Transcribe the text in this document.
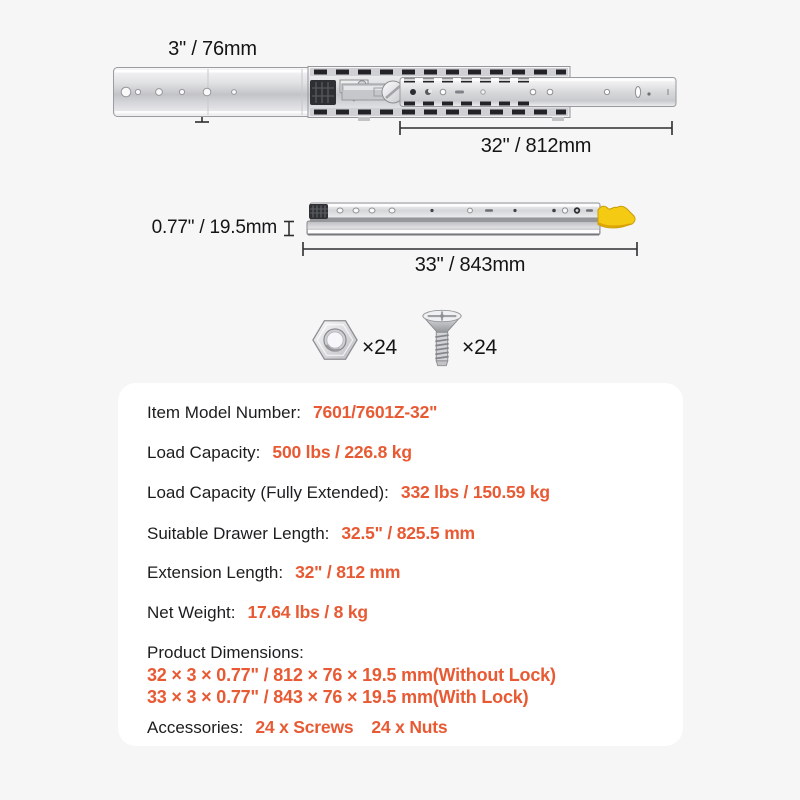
3" / 76mm
32" / 812mm
0.77" / 19.5mm
33" / 843mm
×24	×24
Item Model Number: 7601/7601Z-32"
Load Capacity: 500 lbs / 226.8 kg
Load Capacity (Fully Extended): 332 lbs / 150.59 kg
Suitable Drawer Length: 32.5" / 825.5 mm
Extension Length: 32" / 812 mm
Net Weight: 17.64 lbs / 8 kg
Product Dimensions:
32 × 3 × 0.77" / 812 × 76 × 19.5 mm(Without Lock)
33 × 3 × 0.77" / 843 × 76 × 19.5 mm(With Lock)
Accessories: 24 x Screws 24 x Nuts
